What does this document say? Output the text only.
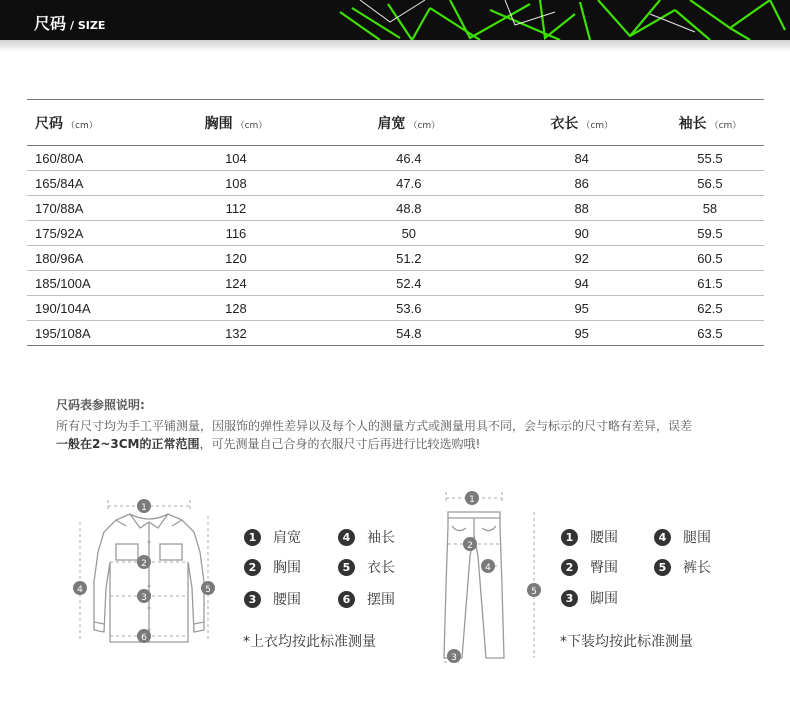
尺码 / SIZE
尺码 （cm）	胸围 （cm）	肩宽 （cm）	衣长 （cm）	袖长 （cm）
160/80A	104	46.4	84	55.5
165/84A	108	47.6	86	56.5
170/88A	112	48.8	88	58
175/92A	116	50	90	59.5
180/96A	120	51.2	92	60.5
185/100A	124	52.4	94	61.5
190/104A	128	53.6	95	62.5
195/108A	132	54.8	95	63.5
尺码表参照说明:
所有尺寸均为手工平铺测量，因服饰的弹性差异以及每个人的测量方式或测量用具不同，会与标示的尺寸略有差异，误差
一般在2~3CM的正常范围，可先测量自己合身的衣服尺寸后再进行比较选购哦!
1
2
3
4	5
6
1	肩宽
2	胸围
3	腰围
4	袖长
5	衣长
6	摆围
*上衣均按此标准测量
1
2
3
4
5
1	腰围
2	臀围
3	脚围
4	腿围
5	裤长
*下装均按此标准测量
